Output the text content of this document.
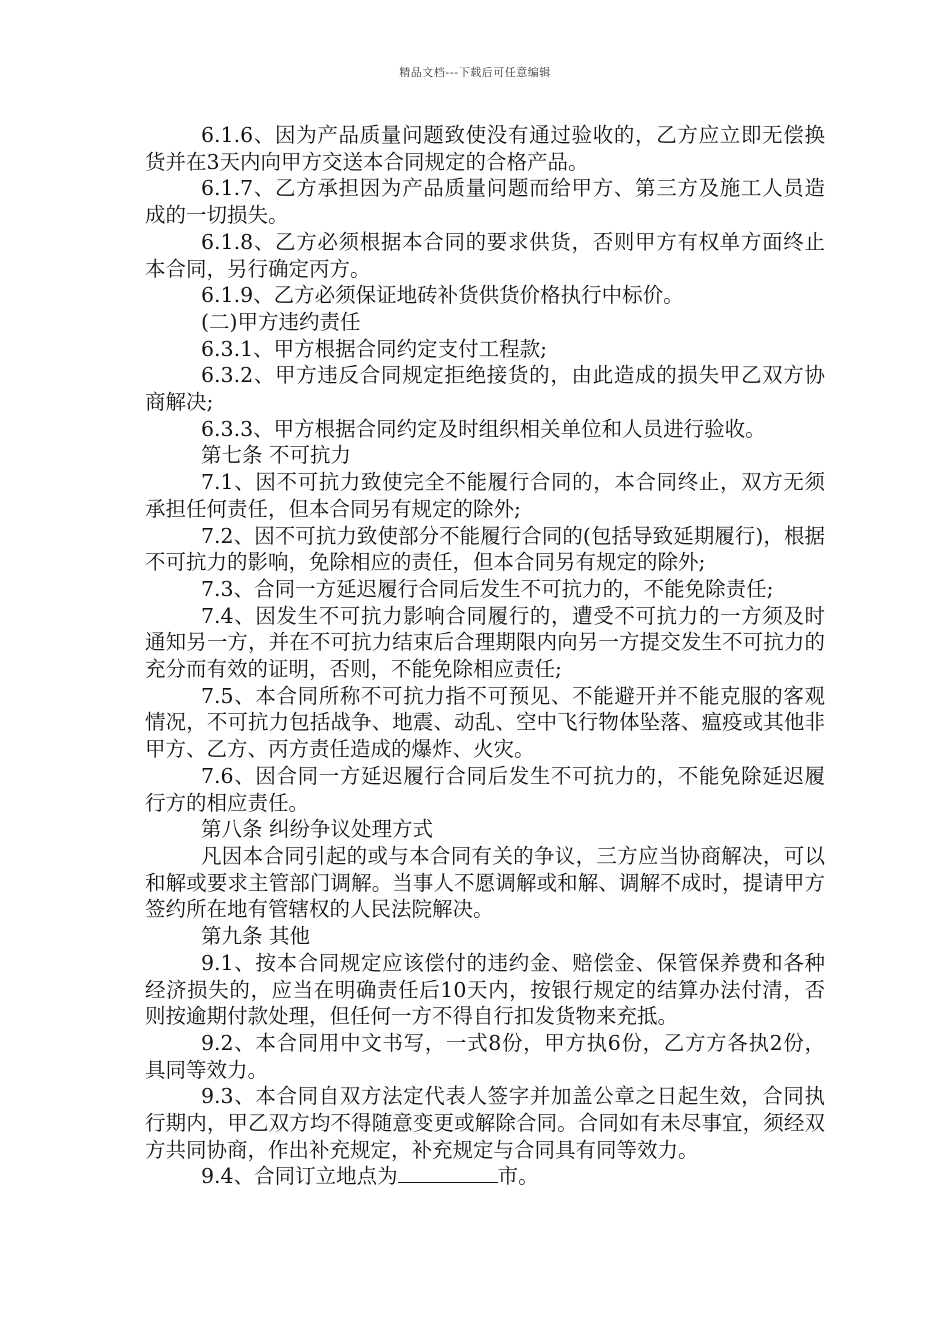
精品文档---下载后可任意编辑

6.1.6、因为产品质量问题致使没有通过验收的，乙方应立即无偿换货并在3天内向甲方交送本合同规定的合格产品。

6.1.7、乙方承担因为产品质量问题而给甲方、第三方及施工人员造成的一切损失。

6.1.8、乙方必须根据本合同的要求供货，否则甲方有权单方面终止本合同，另行确定丙方。

6.1.9、乙方必须保证地砖补货供货价格执行中标价。

(二)甲方违约责任

6.3.1、甲方根据合同约定支付工程款;

6.3.2、甲方违反合同规定拒绝接货的，由此造成的损失甲乙双方协商解决;

6.3.3、甲方根据合同约定及时组织相关单位和人员进行验收。

第七条 不可抗力

7.1、因不可抗力致使完全不能履行合同的，本合同终止，双方无须承担任何责任，但本合同另有规定的除外;

7.2、因不可抗力致使部分不能履行合同的(包括导致延期履行)，根据不可抗力的影响，免除相应的责任，但本合同另有规定的除外;

7.3、合同一方延迟履行合同后发生不可抗力的，不能免除责任;

7.4、因发生不可抗力影响合同履行的，遭受不可抗力的一方须及时通知另一方，并在不可抗力结束后合理期限内向另一方提交发生不可抗力的充分而有效的证明，否则，不能免除相应责任;

7.5、本合同所称不可抗力指不可预见、不能避开并不能克服的客观情况，不可抗力包括战争、地震、动乱、空中飞行物体坠落、瘟疫或其他非甲方、乙方、丙方责任造成的爆炸、火灾。

7.6、因合同一方延迟履行合同后发生不可抗力的，不能免除延迟履行方的相应责任。

第八条 纠纷争议处理方式

凡因本合同引起的或与本合同有关的争议，三方应当协商解决，可以和解或要求主管部门调解。当事人不愿调解或和解、调解不成时，提请甲方签约所在地有管辖权的人民法院解决。

第九条 其他

9.1、按本合同规定应该偿付的违约金、赔偿金、保管保养费和各种经济损失的，应当在明确责任后10天内，按银行规定的结算办法付清，否则按逾期付款处理，但任何一方不得自行扣发货物来充抵。

9.2、本合同用中文书写，一式8份，甲方执6份，乙方方各执2份，具同等效力。

9.3、本合同自双方法定代表人签字并加盖公章之日起生效，合同执行期内，甲乙双方均不得随意变更或解除合同。合同如有未尽事宜，须经双方共同协商，作出补充规定，补充规定与合同具有同等效力。

9.4、合同订立地点为	市。
